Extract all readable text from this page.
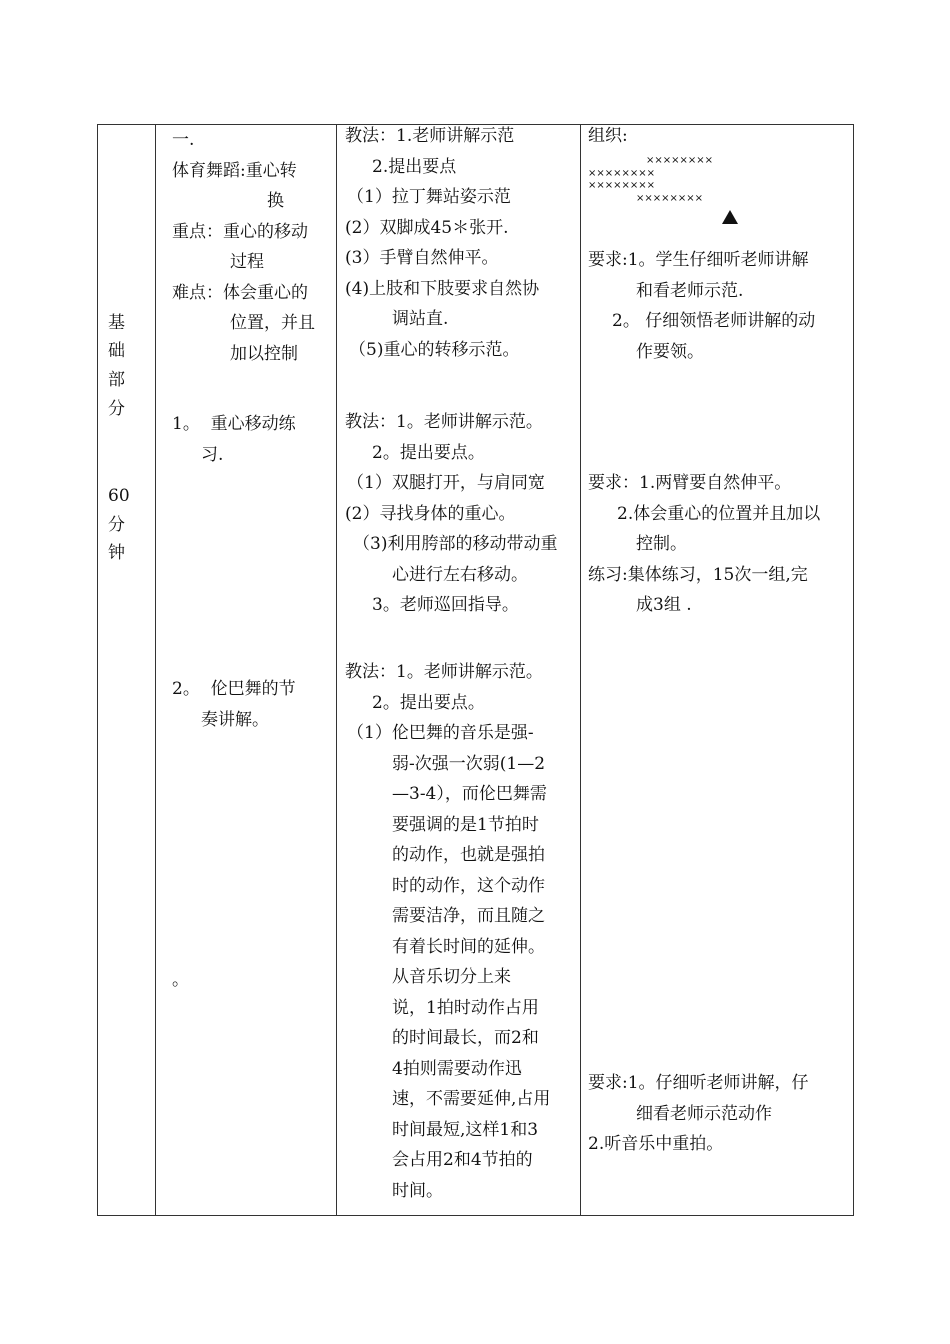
基
础
部
分
60
分
钟
一.
体育舞蹈:重心转
换
重点：重心的移动
过程
难点：体会重心的
位置，并且
加以控制
1。  重心移动练
习.
2。  伦巴舞的节
奏讲解。
。
教法：1.老师讲解示范
2.提出要点
（1）拉丁舞站姿示范
(2）双脚成45＊张开.
(3）手臂自然伸平。
(4)上肢和下肢要求自然协
调站直.
（5)重心的转移示范。
教法：1。老师讲解示范。
2。提出要点。
（1）双腿打开，与肩同宽
(2）寻找身体的重心。
（3)利用胯部的移动带动重
心进行左右移动。
3。老师巡回指导。
教法：1。老师讲解示范。
2。提出要点。
（1）伦巴舞的音乐是强-
弱-次强一次弱(1—2
—3-4），而伦巴舞需
要强调的是1节拍时
的动作，也就是强拍
时的动作，这个动作
需要洁净，而且随之
有着长时间的延伸。
从音乐切分上来
说，1拍时动作占用
的时间最长，而2和
4拍则需要动作迅
速，不需要延伸,占用
时间最短,这样1和3
会占用2和4节拍的
时间。
组织:
××××××××
××××××××
××××××××
××××××××
要求:1。学生仔细听老师讲解
和看老师示范.
2。 仔细领悟老师讲解的动
作要领。
要求：1.两臂要自然伸平。
2.体会重心的位置并且加以
控制。
练习:集体练习，15次一组,完
成3组 .
要求:1。仔细听老师讲解，仔
细看老师示范动作
2.听音乐中重拍。
